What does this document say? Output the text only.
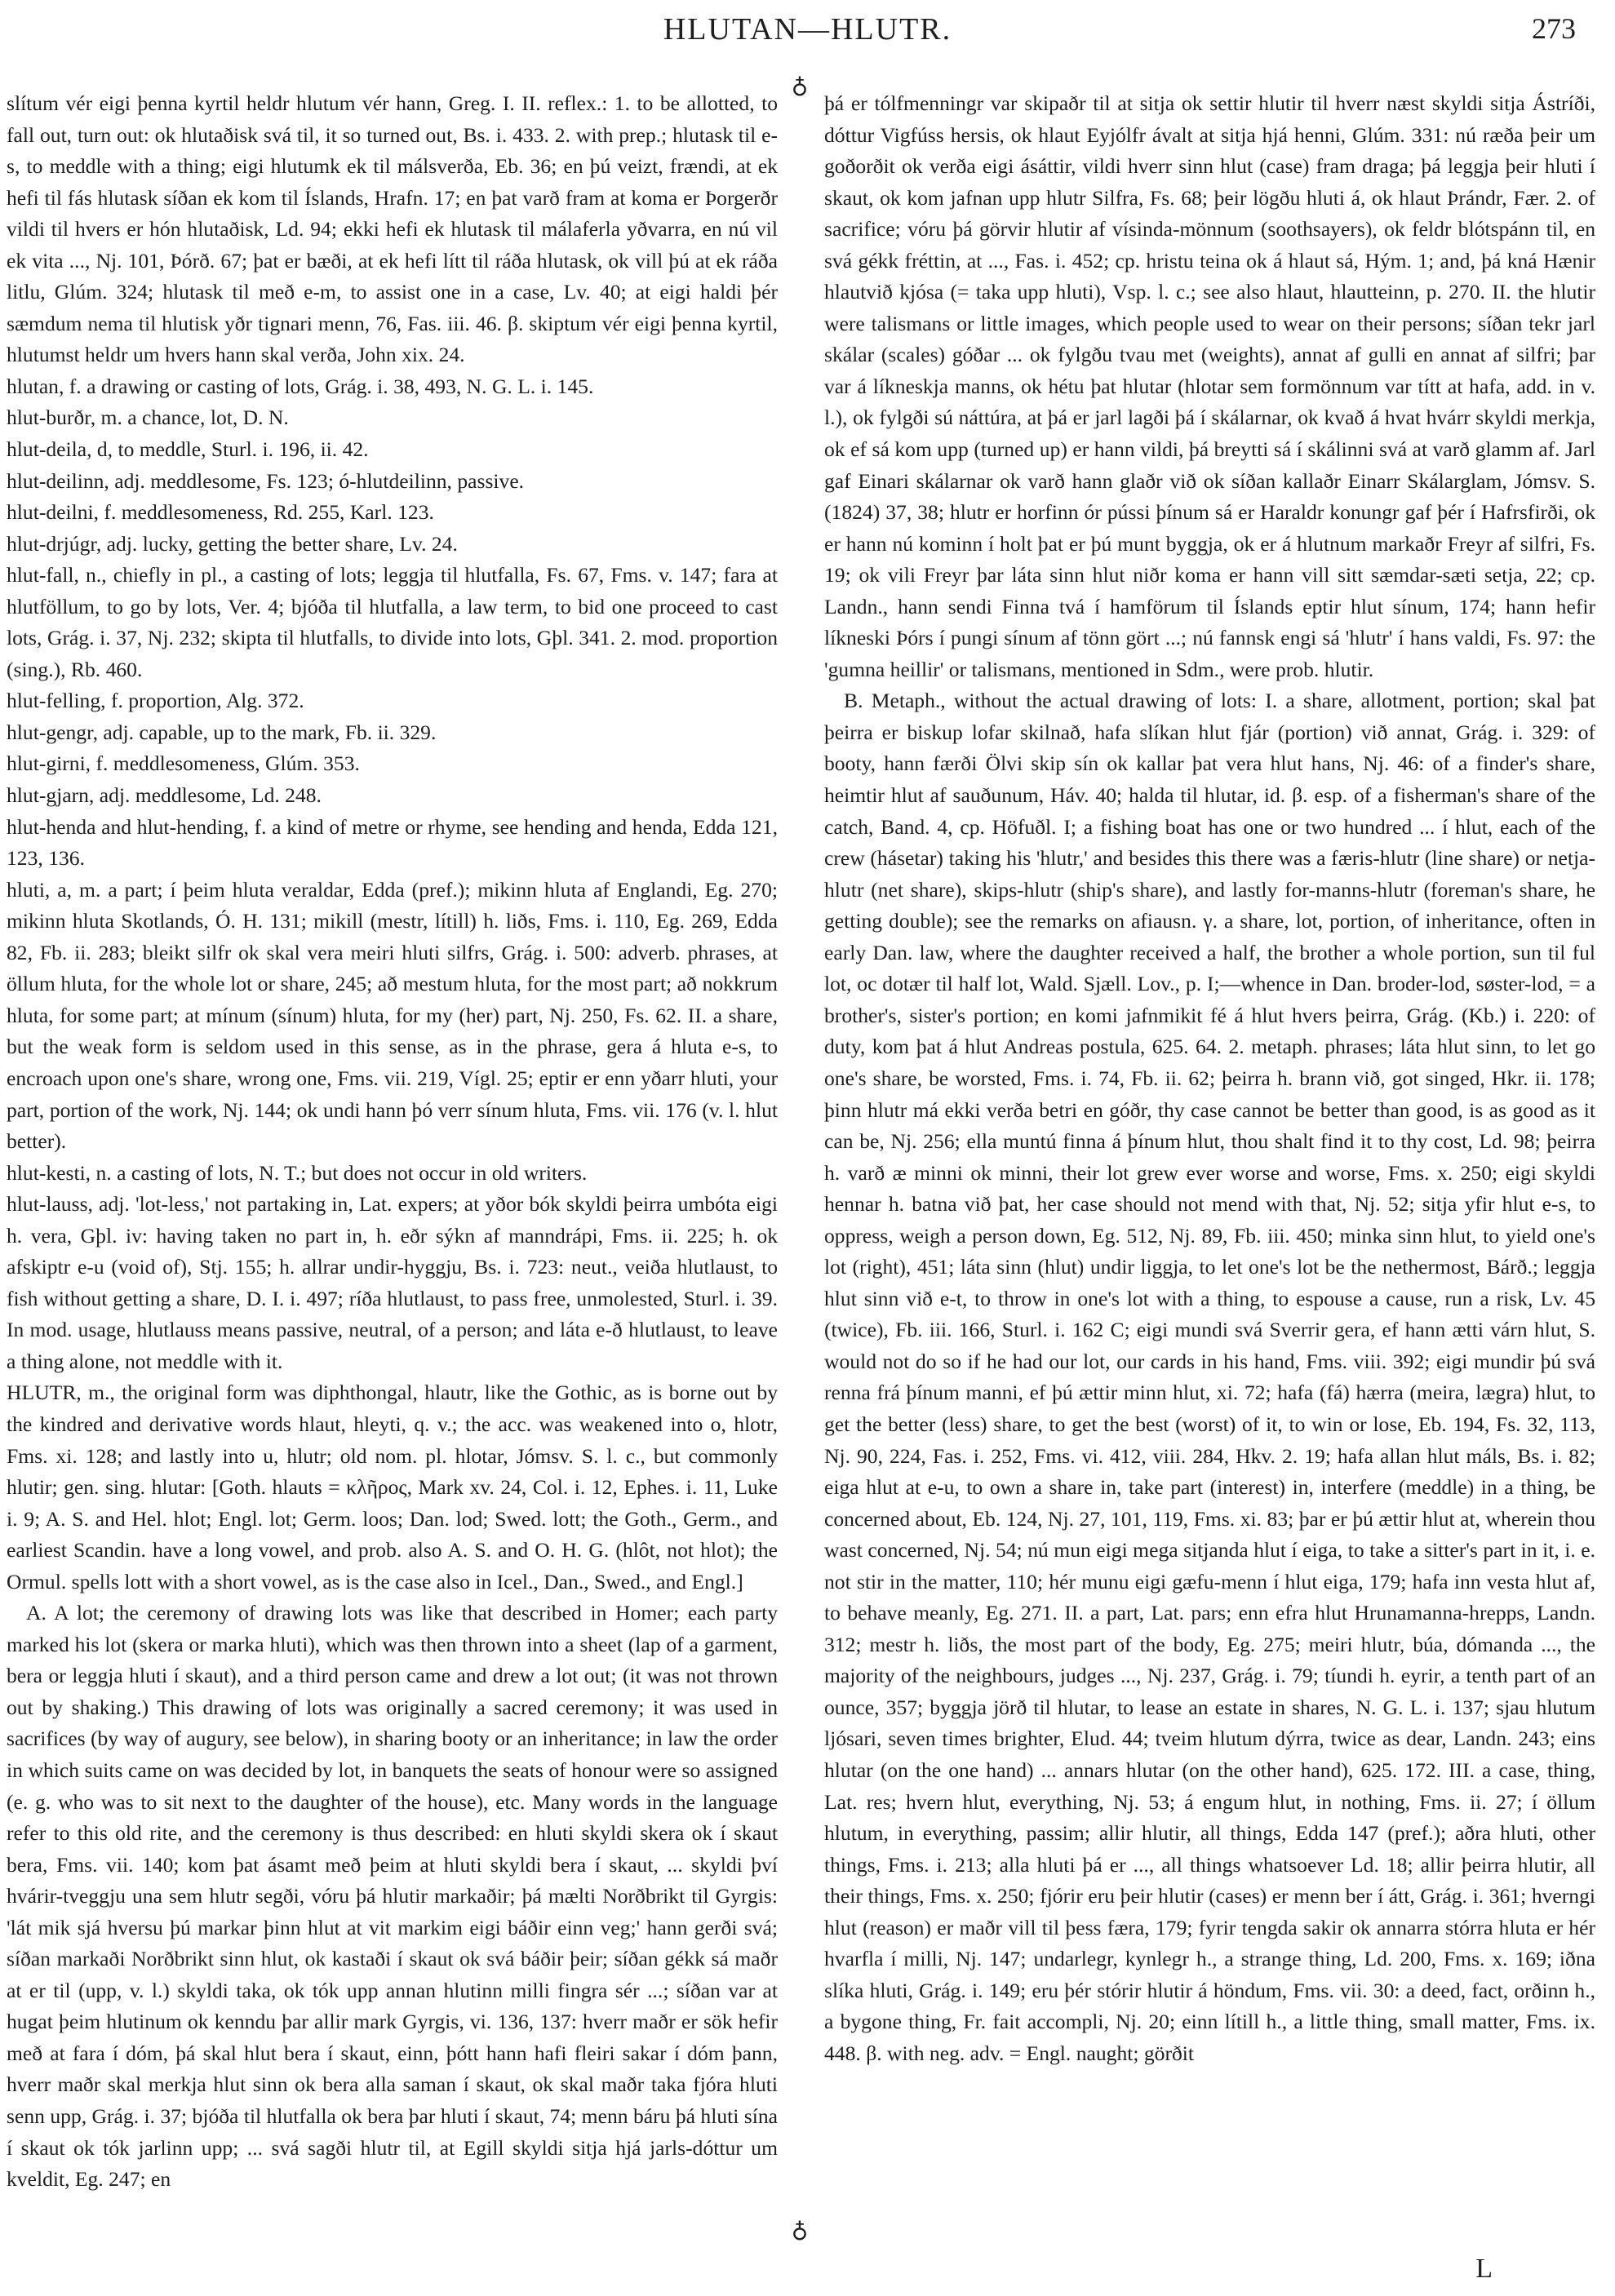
HLUTAN—HLUTR.	273
♁

slítum vér eigi þenna kyrtil heldr hlutum vér hann, Greg. I. II. reflex.: 1. to be allotted, to fall out, turn out: ok hlutaðisk svá til, it so turned out, Bs. i. 433. 2. with prep.; hlutask til e-s, to meddle with a thing; eigi hlutumk ek til málsverða, Eb. 36; en þú veizt, frændi, at ek hefi til fás hlutask síðan ek kom til Íslands, Hrafn. 17; en þat varð fram at koma er Þorgerðr vildi til hvers er hón hlutaðisk, Ld. 94; ekki hefi ek hlutask til málaferla yðvarra, en nú vil ek vita ..., Nj. 101, Þórð. 67; þat er bæði, at ek hefi lítt til ráða hlutask, ok vill þú at ek ráða litlu, Glúm. 324; hlutask til með e-m, to assist one in a case, Lv. 40; at eigi haldi þér sæmdum nema til hlutisk yðr tignari menn, 76, Fas. iii. 46. β. skiptum vér eigi þenna kyrtil, hlutumst heldr um hvers hann skal verða, John xix. 24.

hlutan, f. a drawing or casting of lots, Grág. i. 38, 493, N. G. L. i. 145.

hlut-burðr, m. a chance, lot, D. N.

hlut-deila, d, to meddle, Sturl. i. 196, ii. 42.

hlut-deilinn, adj. meddlesome, Fs. 123; ó-hlutdeilinn, passive.

hlut-deilni, f. meddlesomeness, Rd. 255, Karl. 123.

hlut-drjúgr, adj. lucky, getting the better share, Lv. 24.

hlut-fall, n., chiefly in pl., a casting of lots; leggja til hlutfalla, Fs. 67, Fms. v. 147; fara at hlutföllum, to go by lots, Ver. 4; bjóða til hlutfalla, a law term, to bid one proceed to cast lots, Grág. i. 37, Nj. 232; skipta til hlutfalls, to divide into lots, Gþl. 341. 2. mod. proportion (sing.), Rb. 460.

hlut-felling, f. proportion, Alg. 372.

hlut-gengr, adj. capable, up to the mark, Fb. ii. 329.

hlut-girni, f. meddlesomeness, Glúm. 353.

hlut-gjarn, adj. meddlesome, Ld. 248.

hlut-henda and hlut-hending, f. a kind of metre or rhyme, see hending and henda, Edda 121, 123, 136.

hluti, a, m. a part; í þeim hluta veraldar, Edda (pref.); mikinn hluta af Englandi, Eg. 270; mikinn hluta Skotlands, Ó. H. 131; mikill (mestr, lítill) h. liðs, Fms. i. 110, Eg. 269, Edda 82, Fb. ii. 283; bleikt silfr ok skal vera meiri hluti silfrs, Grág. i. 500: adverb. phrases, at öllum hluta, for the whole lot or share, 245; að mestum hluta, for the most part; að nokkrum hluta, for some part; at mínum (sínum) hluta, for my (her) part, Nj. 250, Fs. 62. II. a share, but the weak form is seldom used in this sense, as in the phrase, gera á hluta e-s, to encroach upon one's share, wrong one, Fms. vii. 219, Vígl. 25; eptir er enn yðarr hluti, your part, portion of the work, Nj. 144; ok undi hann þó verr sínum hluta, Fms. vii. 176 (v. l. hlut better).

hlut-kesti, n. a casting of lots, N. T.; but does not occur in old writers.

hlut-lauss, adj. 'lot-less,' not partaking in, Lat. expers; at yðor bók skyldi þeirra umbóta eigi h. vera, Gþl. iv: having taken no part in, h. eðr sýkn af manndrápi, Fms. ii. 225; h. ok afskiptr e-u (void of), Stj. 155; h. allrar undir-hyggju, Bs. i. 723: neut., veiða hlutlaust, to fish without getting a share, D. I. i. 497; ríða hlutlaust, to pass free, unmolested, Sturl. i. 39. In mod. usage, hlutlauss means passive, neutral, of a person; and láta e-ð hlutlaust, to leave a thing alone, not meddle with it.

HLUTR, m., the original form was diphthongal, hlautr, like the Gothic, as is borne out by the kindred and derivative words hlaut, hleyti, q. v.; the acc. was weakened into o, hlotr, Fms. xi. 128; and lastly into u, hlutr; old nom. pl. hlotar, Jómsv. S. l. c., but commonly hlutir; gen. sing. hlutar: [Goth. hlauts = κλῆρος, Mark xv. 24, Col. i. 12, Ephes. i. 11, Luke i. 9; A. S. and Hel. hlot; Engl. lot; Germ. loos; Dan. lod; Swed. lott; the Goth., Germ., and earliest Scandin. have a long vowel, and prob. also A. S. and O. H. G. (hlôt, not hlot); the Ormul. spells lott with a short vowel, as is the case also in Icel., Dan., Swed., and Engl.]

A. A lot; the ceremony of drawing lots was like that described in Homer; each party marked his lot (skera or marka hluti), which was then thrown into a sheet (lap of a garment, bera or leggja hluti í skaut), and a third person came and drew a lot out; (it was not thrown out by shaking.) This drawing of lots was originally a sacred ceremony; it was used in sacrifices (by way of augury, see below), in sharing booty or an inheritance; in law the order in which suits came on was decided by lot, in banquets the seats of honour were so assigned (e. g. who was to sit next to the daughter of the house), etc. Many words in the language refer to this old rite, and the ceremony is thus described: en hluti skyldi skera ok í skaut bera, Fms. vii. 140; kom þat ásamt með þeim at hluti skyldi bera í skaut, ... skyldi því hvárir-tveggju una sem hlutr segði, vóru þá hlutir markaðir; þá mælti Norðbrikt til Gyrgis: 'lát mik sjá hversu þú markar þinn hlut at vit markim eigi báðir einn veg;' hann gerði svá; síðan markaði Norðbrikt sinn hlut, ok kastaði í skaut ok svá báðir þeir; síðan gékk sá maðr at er til (upp, v. l.) skyldi taka, ok tók upp annan hlutinn milli fingra sér ...; síðan var at hugat þeim hlutinum ok kenndu þar allir mark Gyrgis, vi. 136, 137: hverr maðr er sök hefir með at fara í dóm, þá skal hlut bera í skaut, einn, þótt hann hafi fleiri sakar í dóm þann, hverr maðr skal merkja hlut sinn ok bera alla saman í skaut, ok skal maðr taka fjóra hluti senn upp, Grág. i. 37; bjóða til hlutfalla ok bera þar hluti í skaut, 74; menn báru þá hluti sína í skaut ok tók jarlinn upp; ... svá sagði hlutr til, at Egill skyldi sitja hjá jarls-dóttur um kveldit, Eg. 247; en

þá er tólfmenningr var skipaðr til at sitja ok settir hlutir til hverr næst skyldi sitja Ástríði, dóttur Vigfúss hersis, ok hlaut Eyjólfr ávalt at sitja hjá henni, Glúm. 331: nú ræða þeir um goðorðit ok verða eigi ásáttir, vildi hverr sinn hlut (case) fram draga; þá leggja þeir hluti í skaut, ok kom jafnan upp hlutr Silfra, Fs. 68; þeir lögðu hluti á, ok hlaut Þrándr, Fær. 2. of sacrifice; vóru þá görvir hlutir af vísinda-mönnum (soothsayers), ok feldr blótspánn til, en svá gékk fréttin, at ..., Fas. i. 452; cp. hristu teina ok á hlaut sá, Hým. 1; and, þá kná Hænir hlautvið kjósa (= taka upp hluti), Vsp. l. c.; see also hlaut, hlautteinn, p. 270. II. the hlutir were talismans or little images, which people used to wear on their persons; síðan tekr jarl skálar (scales) góðar ... ok fylgðu tvau met (weights), annat af gulli en annat af silfri; þar var á líkneskja manns, ok hétu þat hlutar (hlotar sem formönnum var títt at hafa, add. in v. l.), ok fylgði sú náttúra, at þá er jarl lagði þá í skálarnar, ok kvað á hvat hvárr skyldi merkja, ok ef sá kom upp (turned up) er hann vildi, þá breytti sá í skálinni svá at varð glamm af. Jarl gaf Einari skálarnar ok varð hann glaðr við ok síðan kallaðr Einarr Skálarglam, Jómsv. S. (1824) 37, 38; hlutr er horfinn ór pússi þínum sá er Haraldr konungr gaf þér í Hafrsfirði, ok er hann nú kominn í holt þat er þú munt byggja, ok er á hlutnum markaðr Freyr af silfri, Fs. 19; ok vili Freyr þar láta sinn hlut niðr koma er hann vill sitt sæmdar-sæti setja, 22; cp. Landn., hann sendi Finna tvá í hamförum til Íslands eptir hlut sínum, 174; hann hefir líkneski Þórs í pungi sínum af tönn gört ...; nú fannsk engi sá 'hlutr' í hans valdi, Fs. 97: the 'gumna heillir' or talismans, mentioned in Sdm., were prob. hlutir.

B. Metaph., without the actual drawing of lots: I. a share, allotment, portion; skal þat þeirra er biskup lofar skilnað, hafa slíkan hlut fjár (portion) við annat, Grág. i. 329: of booty, hann færði Ölvi skip sín ok kallar þat vera hlut hans, Nj. 46: of a finder's share, heimtir hlut af sauðunum, Háv. 40; halda til hlutar, id. β. esp. of a fisherman's share of the catch, Band. 4, cp. Höfuðl. I; a fishing boat has one or two hundred ... í hlut, each of the crew (hásetar) taking his 'hlutr,' and besides this there was a færis-hlutr (line share) or netja-hlutr (net share), skips-hlutr (ship's share), and lastly for-manns-hlutr (foreman's share, he getting double); see the remarks on afiausn. γ. a share, lot, portion, of inheritance, often in early Dan. law, where the daughter received a half, the brother a whole portion, sun til ful lot, oc dotær til half lot, Wald. Sjæll. Lov., p. I;—whence in Dan. broder-lod, søster-lod, = a brother's, sister's portion; en komi jafnmikit fé á hlut hvers þeirra, Grág. (Kb.) i. 220: of duty, kom þat á hlut Andreas postula, 625. 64. 2. metaph. phrases; láta hlut sinn, to let go one's share, be worsted, Fms. i. 74, Fb. ii. 62; þeirra h. brann við, got singed, Hkr. ii. 178; þinn hlutr má ekki verða betri en góðr, thy case cannot be better than good, is as good as it can be, Nj. 256; ella muntú finna á þínum hlut, thou shalt find it to thy cost, Ld. 98; þeirra h. varð æ minni ok minni, their lot grew ever worse and worse, Fms. x. 250; eigi skyldi hennar h. batna við þat, her case should not mend with that, Nj. 52; sitja yfir hlut e-s, to oppress, weigh a person down, Eg. 512, Nj. 89, Fb. iii. 450; minka sinn hlut, to yield one's lot (right), 451; láta sinn (hlut) undir liggja, to let one's lot be the nethermost, Bárð.; leggja hlut sinn við e-t, to throw in one's lot with a thing, to espouse a cause, run a risk, Lv. 45 (twice), Fb. iii. 166, Sturl. i. 162 C; eigi mundi svá Sverrir gera, ef hann ætti várn hlut, S. would not do so if he had our lot, our cards in his hand, Fms. viii. 392; eigi mundir þú svá renna frá þínum manni, ef þú ættir minn hlut, xi. 72; hafa (fá) hærra (meira, lægra) hlut, to get the better (less) share, to get the best (worst) of it, to win or lose, Eb. 194, Fs. 32, 113, Nj. 90, 224, Fas. i. 252, Fms. vi. 412, viii. 284, Hkv. 2. 19; hafa allan hlut máls, Bs. i. 82; eiga hlut at e-u, to own a share in, take part (interest) in, interfere (meddle) in a thing, be concerned about, Eb. 124, Nj. 27, 101, 119, Fms. xi. 83; þar er þú ættir hlut at, wherein thou wast concerned, Nj. 54; nú mun eigi mega sitjanda hlut í eiga, to take a sitter's part in it, i. e. not stir in the matter, 110; hér munu eigi gæfu-menn í hlut eiga, 179; hafa inn vesta hlut af, to behave meanly, Eg. 271. II. a part, Lat. pars; enn efra hlut Hrunamanna-hrepps, Landn. 312; mestr h. liðs, the most part of the body, Eg. 275; meiri hlutr, búa, dómanda ..., the majority of the neighbours, judges ..., Nj. 237, Grág. i. 79; tíundi h. eyrir, a tenth part of an ounce, 357; byggja jörð til hlutar, to lease an estate in shares, N. G. L. i. 137; sjau hlutum ljósari, seven times brighter, Elud. 44; tveim hlutum dýrra, twice as dear, Landn. 243; eins hlutar (on the one hand) ... annars hlutar (on the other hand), 625. 172. III. a case, thing, Lat. res; hvern hlut, everything, Nj. 53; á engum hlut, in nothing, Fms. ii. 27; í öllum hlutum, in everything, passim; allir hlutir, all things, Edda 147 (pref.); aðra hluti, other things, Fms. i. 213; alla hluti þá er ..., all things whatsoever Ld. 18; allir þeirra hlutir, all their things, Fms. x. 250; fjórir eru þeir hlutir (cases) er menn ber í átt, Grág. i. 361; hverngi hlut (reason) er maðr vill til þess færa, 179; fyrir tengda sakir ok annarra stórra hluta er hér hvarfla í milli, Nj. 147; undarlegr, kynlegr h., a strange thing, Ld. 200, Fms. x. 169; iðna slíka hluti, Grág. i. 149; eru þér stórir hlutir á höndum, Fms. vii. 30: a deed, fact, orðinn h., a bygone thing, Fr. fait accompli, Nj. 20; einn lítill h., a little thing, small matter, Fms. ix. 448. β. with neg. adv. = Engl. naught; görðit

♁
L
